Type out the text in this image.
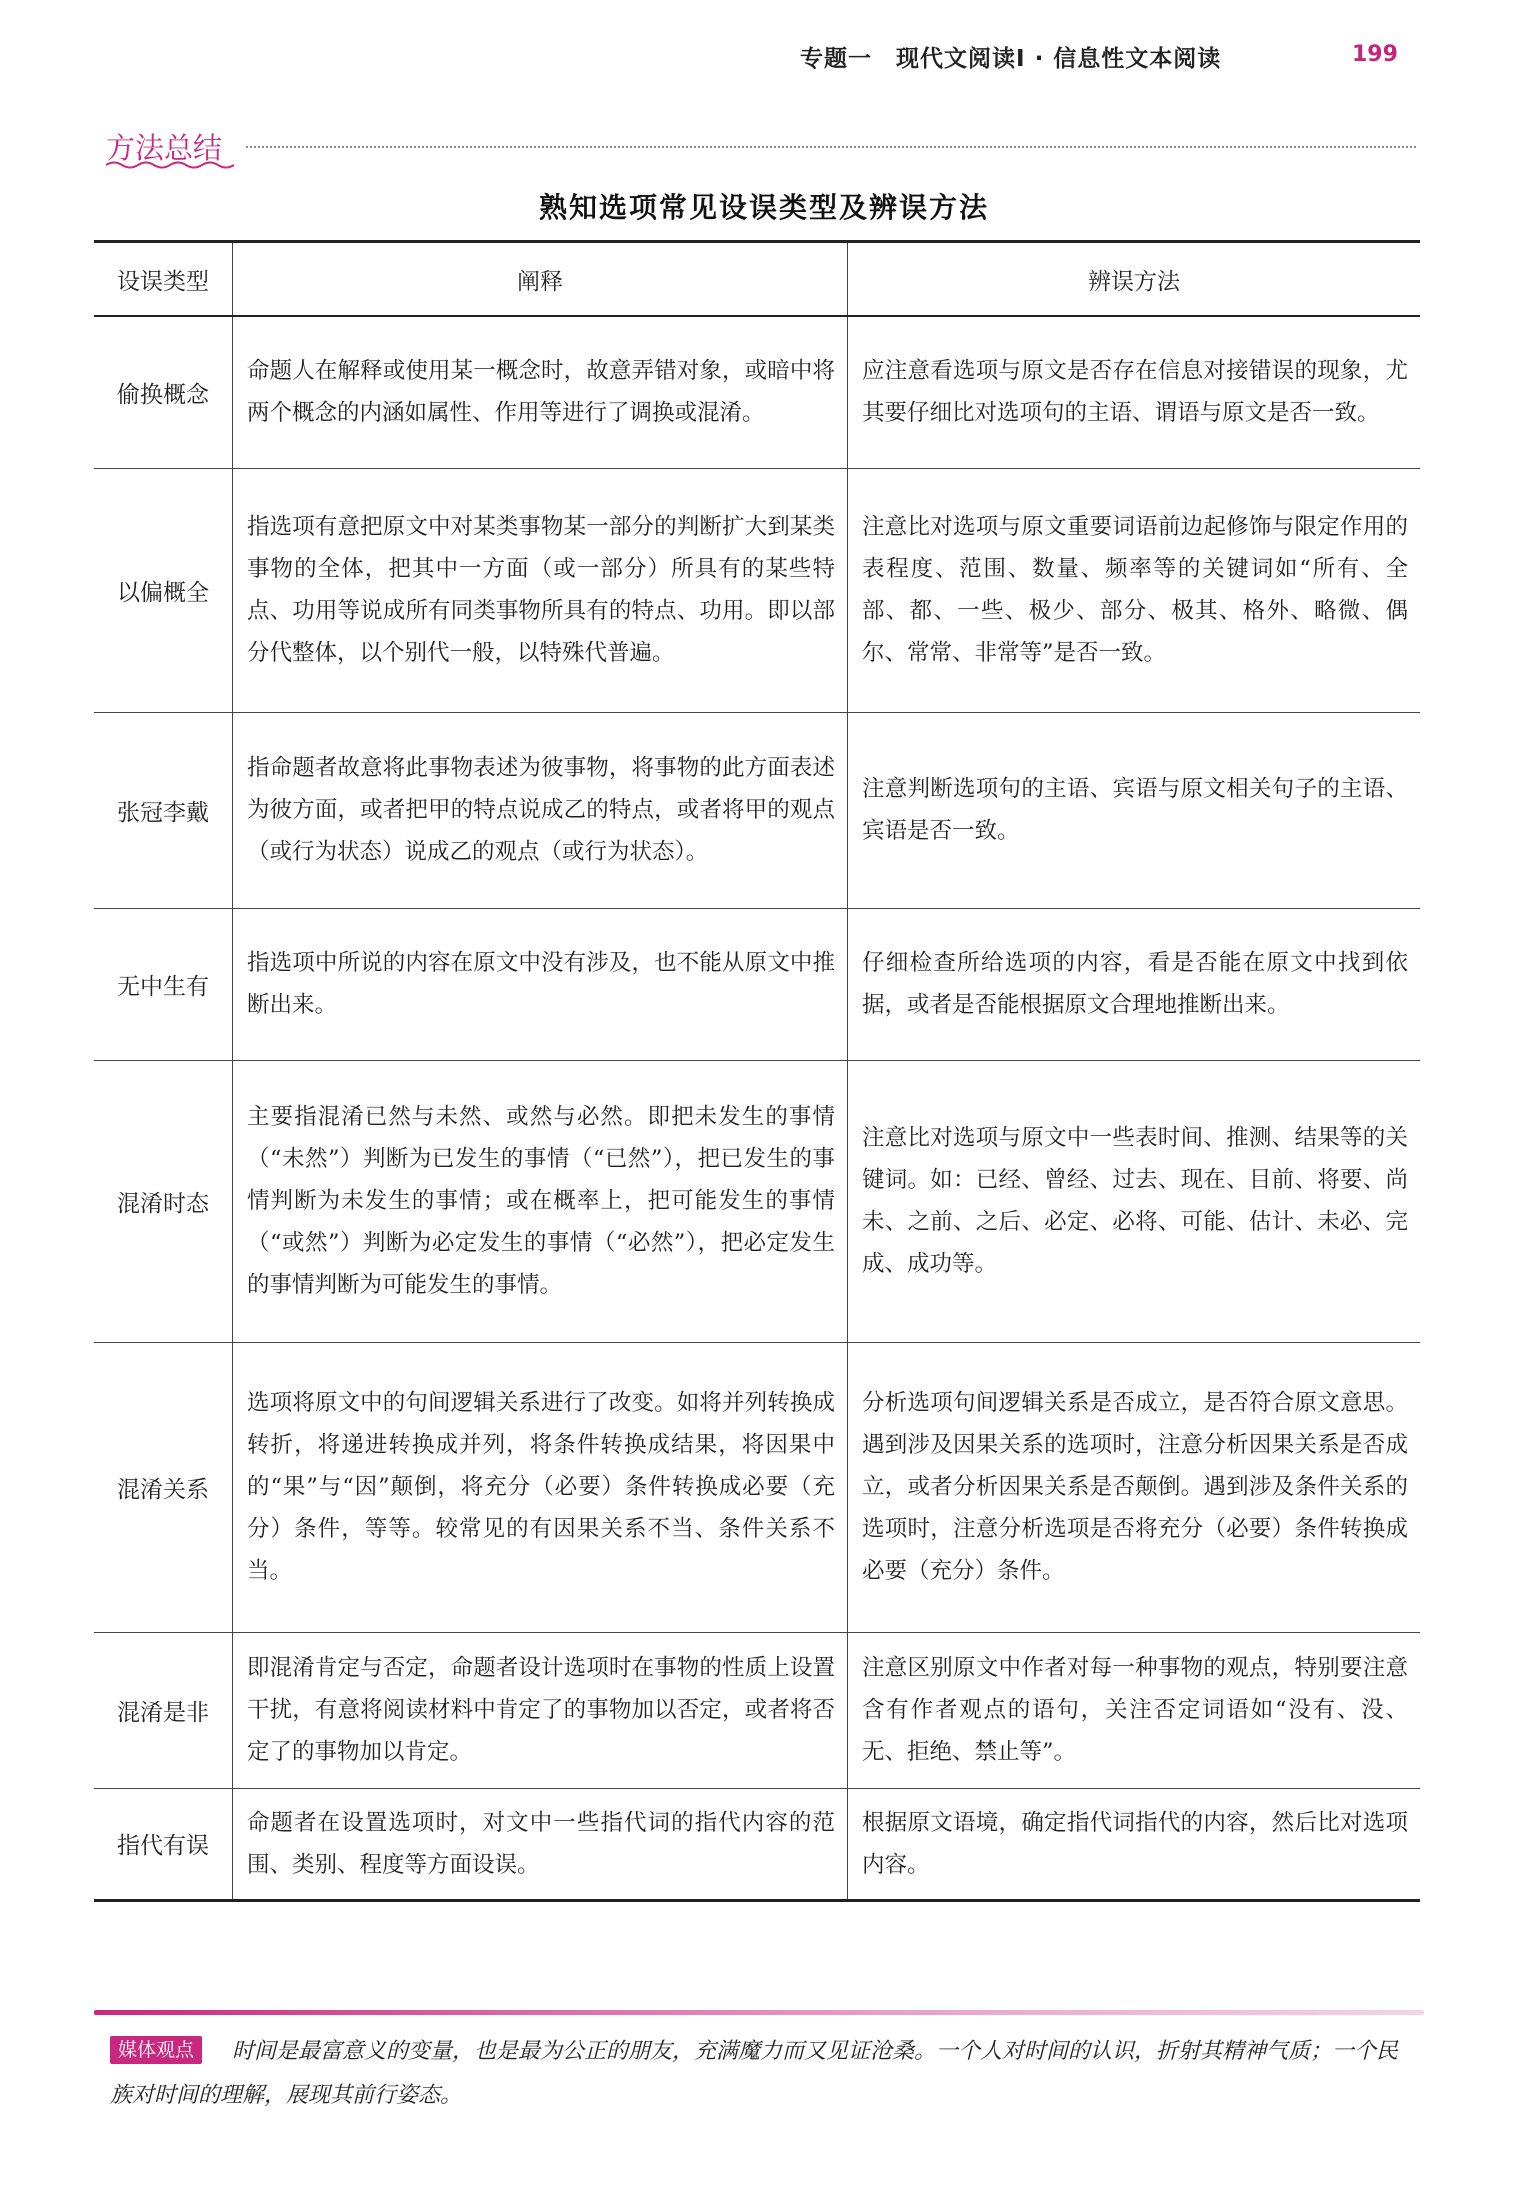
专题一　现代文阅读Ⅰ · 信息性文本阅读	199
方法总结
熟知选项常见设误类型及辨误方法
设误类型	阐释	辨误方法
偷换概念	命题人在解释或使用某一概念时，故意弄错对象，或暗中将两个概念的内涵如属性、作用等进行了调换或混淆。	应注意看选项与原文是否存在信息对接错误的现象，尤其要仔细比对选项句的主语、谓语与原文是否一致。
以偏概全	指选项有意把原文中对某类事物某一部分的判断扩大到某类事物的全体，把其中一方面（或一部分）所具有的某些特点、功用等说成所有同类事物所具有的特点、功用。即以部分代整体，以个别代一般，以特殊代普遍。	注意比对选项与原文重要词语前边起修饰与限定作用的表程度、范围、数量、频率等的关键词如“所有、全部、都、一些、极少、部分、极其、格外、略微、偶尔、常常、非常等”是否一致。
张冠李戴	指命题者故意将此事物表述为彼事物，将事物的此方面表述为彼方面，或者把甲的特点说成乙的特点，或者将甲的观点（或行为状态）说成乙的观点（或行为状态）。	注意判断选项句的主语、宾语与原文相关句子的主语、宾语是否一致。
无中生有	指选项中所说的内容在原文中没有涉及，也不能从原文中推断出来。	仔细检查所给选项的内容，看是否能在原文中找到依据，或者是否能根据原文合理地推断出来。
混淆时态	主要指混淆已然与未然、或然与必然。即把未发生的事情（“未然”）判断为已发生的事情（“已然”），把已发生的事情判断为未发生的事情；或在概率上，把可能发生的事情（“或然”）判断为必定发生的事情（“必然”），把必定发生的事情判断为可能发生的事情。	注意比对选项与原文中一些表时间、推测、结果等的关键词。如：已经、曾经、过去、现在、目前、将要、尚未、之前、之后、必定、必将、可能、估计、未必、完成、成功等。
混淆关系	选项将原文中的句间逻辑关系进行了改变。如将并列转换成转折，将递进转换成并列，将条件转换成结果，将因果中的“果”与“因”颠倒，将充分（必要）条件转换成必要（充分）条件，等等。较常见的有因果关系不当、条件关系不当。	分析选项句间逻辑关系是否成立，是否符合原文意思。遇到涉及因果关系的选项时，注意分析因果关系是否成立，或者分析因果关系是否颠倒。遇到涉及条件关系的选项时，注意分析选项是否将充分（必要）条件转换成必要（充分）条件。
混淆是非	即混淆肯定与否定，命题者设计选项时在事物的性质上设置干扰，有意将阅读材料中肯定了的事物加以否定，或者将否定了的事物加以肯定。	注意区别原文中作者对每一种事物的观点，特别要注意含有作者观点的语句，关注否定词语如“没有、没、无、拒绝、禁止等”。
指代有误	命题者在设置选项时，对文中一些指代词的指代内容的范围、类别、程度等方面设误。	根据原文语境，确定指代词指代的内容，然后比对选项内容。
媒体观点 时间是最富意义的变量，也是最为公正的朋友，充满魔力而又见证沧桑。一个人对时间的认识，折射其精神气质；一个民族对时间的理解，展现其前行姿态。
